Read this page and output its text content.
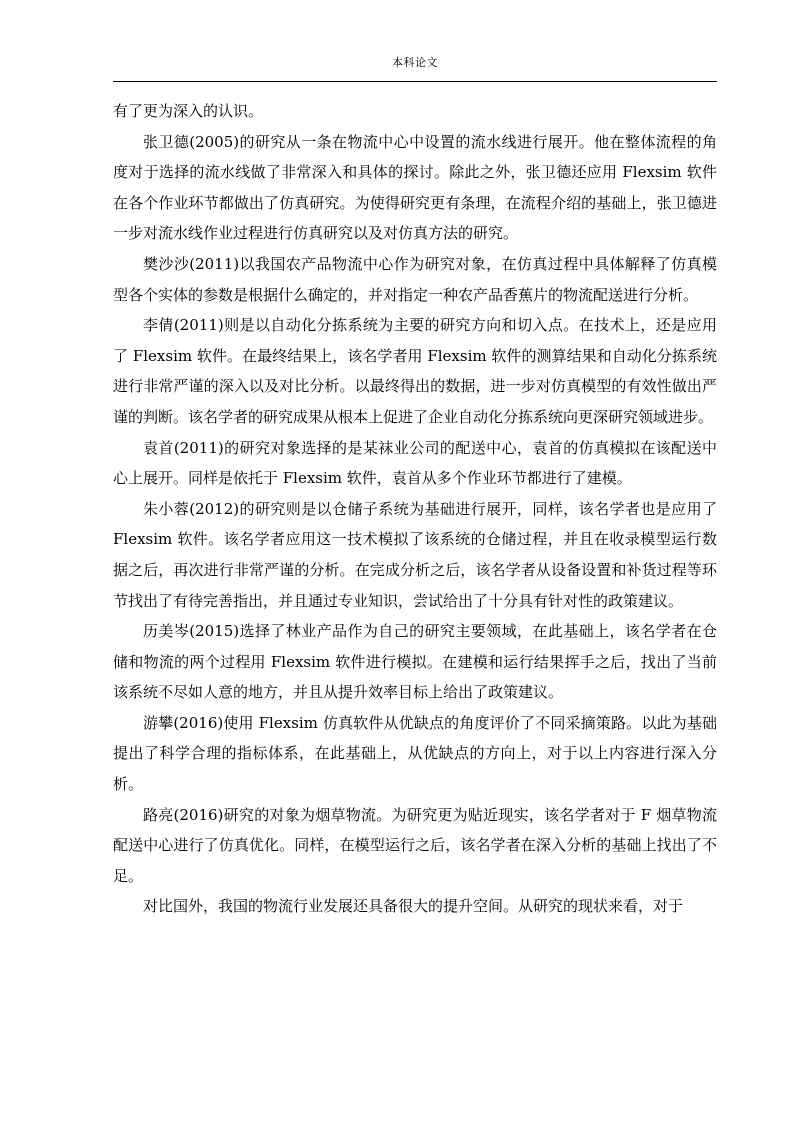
本科论文

有了更为深入的认识。

张卫德(2005)的研究从一条在物流中心中设置的流水线进行展开。他在整体流程的角度对于选择的流水线做了非常深入和具体的探讨。除此之外，张卫德还应用 Flexsim 软件在各个作业环节都做出了仿真研究。为使得研究更有条理，在流程介绍的基础上，张卫德进一步对流水线作业过程进行仿真研究以及对仿真方法的研究。

樊沙沙(2011)以我国农产品物流中心作为研究对象，在仿真过程中具体解释了仿真模型各个实体的参数是根据什么确定的，并对指定一种农产品香蕉片的物流配送进行分析。

李倩(2011)则是以自动化分拣系统为主要的研究方向和切入点。在技术上，还是应用了 Flexsim 软件。在最终结果上，该名学者用 Flexsim 软件的测算结果和自动化分拣系统进行非常严谨的深入以及对比分析。以最终得出的数据，进一步对仿真模型的有效性做出严谨的判断。该名学者的研究成果从根本上促进了企业自动化分拣系统向更深研究领域进步。

袁首(2011)的研究对象选择的是某袜业公司的配送中心，袁首的仿真模拟在该配送中心上展开。同样是依托于 Flexsim 软件，袁首从多个作业环节都进行了建模。

朱小蓉(2012)的研究则是以仓储子系统为基础进行展开，同样，该名学者也是应用了 Flexsim 软件。该名学者应用这一技术模拟了该系统的仓储过程，并且在收录模型运行数据之后，再次进行非常严谨的分析。在完成分析之后，该名学者从设备设置和补货过程等环节找出了有待完善指出，并且通过专业知识，尝试给出了十分具有针对性的政策建议。

历美岑(2015)选择了林业产品作为自己的研究主要领域，在此基础上，该名学者在仓储和物流的两个过程用 Flexsim 软件进行模拟。在建模和运行结果挥手之后，找出了当前该系统不尽如人意的地方，并且从提升效率目标上给出了政策建议。

游攀(2016)使用 Flexsim 仿真软件从优缺点的角度评价了不同采摘策路。以此为基础提出了科学合理的指标体系，在此基础上，从优缺点的方向上，对于以上内容进行深入分析。

路亮(2016)研究的对象为烟草物流。为研究更为贴近现实，该名学者对于 F 烟草物流配送中心进行了仿真优化。同样，在模型运行之后，该名学者在深入分析的基础上找出了不足。

对比国外，我国的物流行业发展还具备很大的提升空间。从研究的现状来看，对于
